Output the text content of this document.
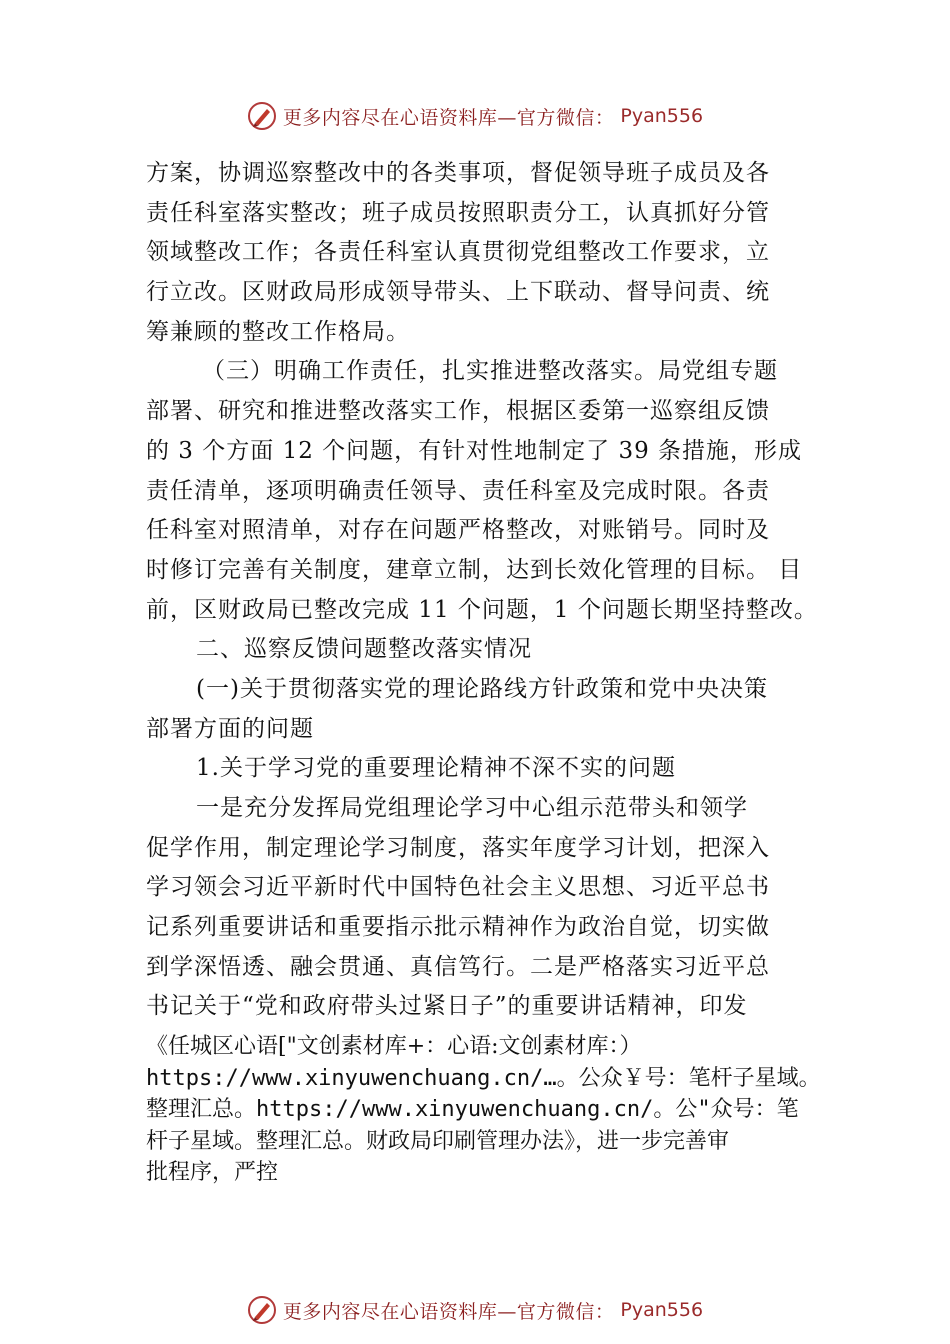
更多内容尽在心语资料库—官方微信： Pyan556
方案，协调巡察整改中的各类事项，督促领导班子成员及各
责任科室落实整改；班子成员按照职责分工，认真抓好分管
领域整改工作；各责任科室认真贯彻党组整改工作要求，立
行立改。区财政局形成领导带头、上下联动、督导问责、统
筹兼顾的整改工作格局。
（三）明确工作责任，扎实推进整改落实。局党组专题
部署、研究和推进整改落实工作，根据区委第一巡察组反馈
的 3 个方面 12 个问题，有针对性地制定了 39 条措施，形成
责任清单，逐项明确责任领导、责任科室及完成时限。各责
任科室对照清单，对存在问题严格整改，对账销号。同时及
时修订完善有关制度，建章立制，达到长效化管理的目标。 目
前，区财政局已整改完成 11 个问题，1 个问题长期坚持整改。
二、巡察反馈问题整改落实情况
(一)关于贯彻落实党的理论路线方针政策和党中央决策
部署方面的问题
1.关于学习党的重要理论精神不深不实的问题
一是充分发挥局党组理论学习中心组示范带头和领学
促学作用，制定理论学习制度，落实年度学习计划，把深入
学习领会习近平新时代中国特色社会主义思想、习近平总书
记系列重要讲话和重要指示批示精神作为政治自觉，切实做
到学深悟透、融会贯通、真信笃行。二是严格落实习近平总
书记关于“党和政府带头过紧日子”的重要讲话精神，印发
《任城区心语["文创素材库+：心语:文创素材库：）
https://www.xinyuwenchuang.cn/…。公众￥号：笔杆子星域。
整理汇总。https://www.xinyuwenchuang.cn/。公"众号：笔
杆子星域。整理汇总。财政局印刷管理办法》，进一步完善审
批程序，严控
更多内容尽在心语资料库—官方微信： Pyan556
